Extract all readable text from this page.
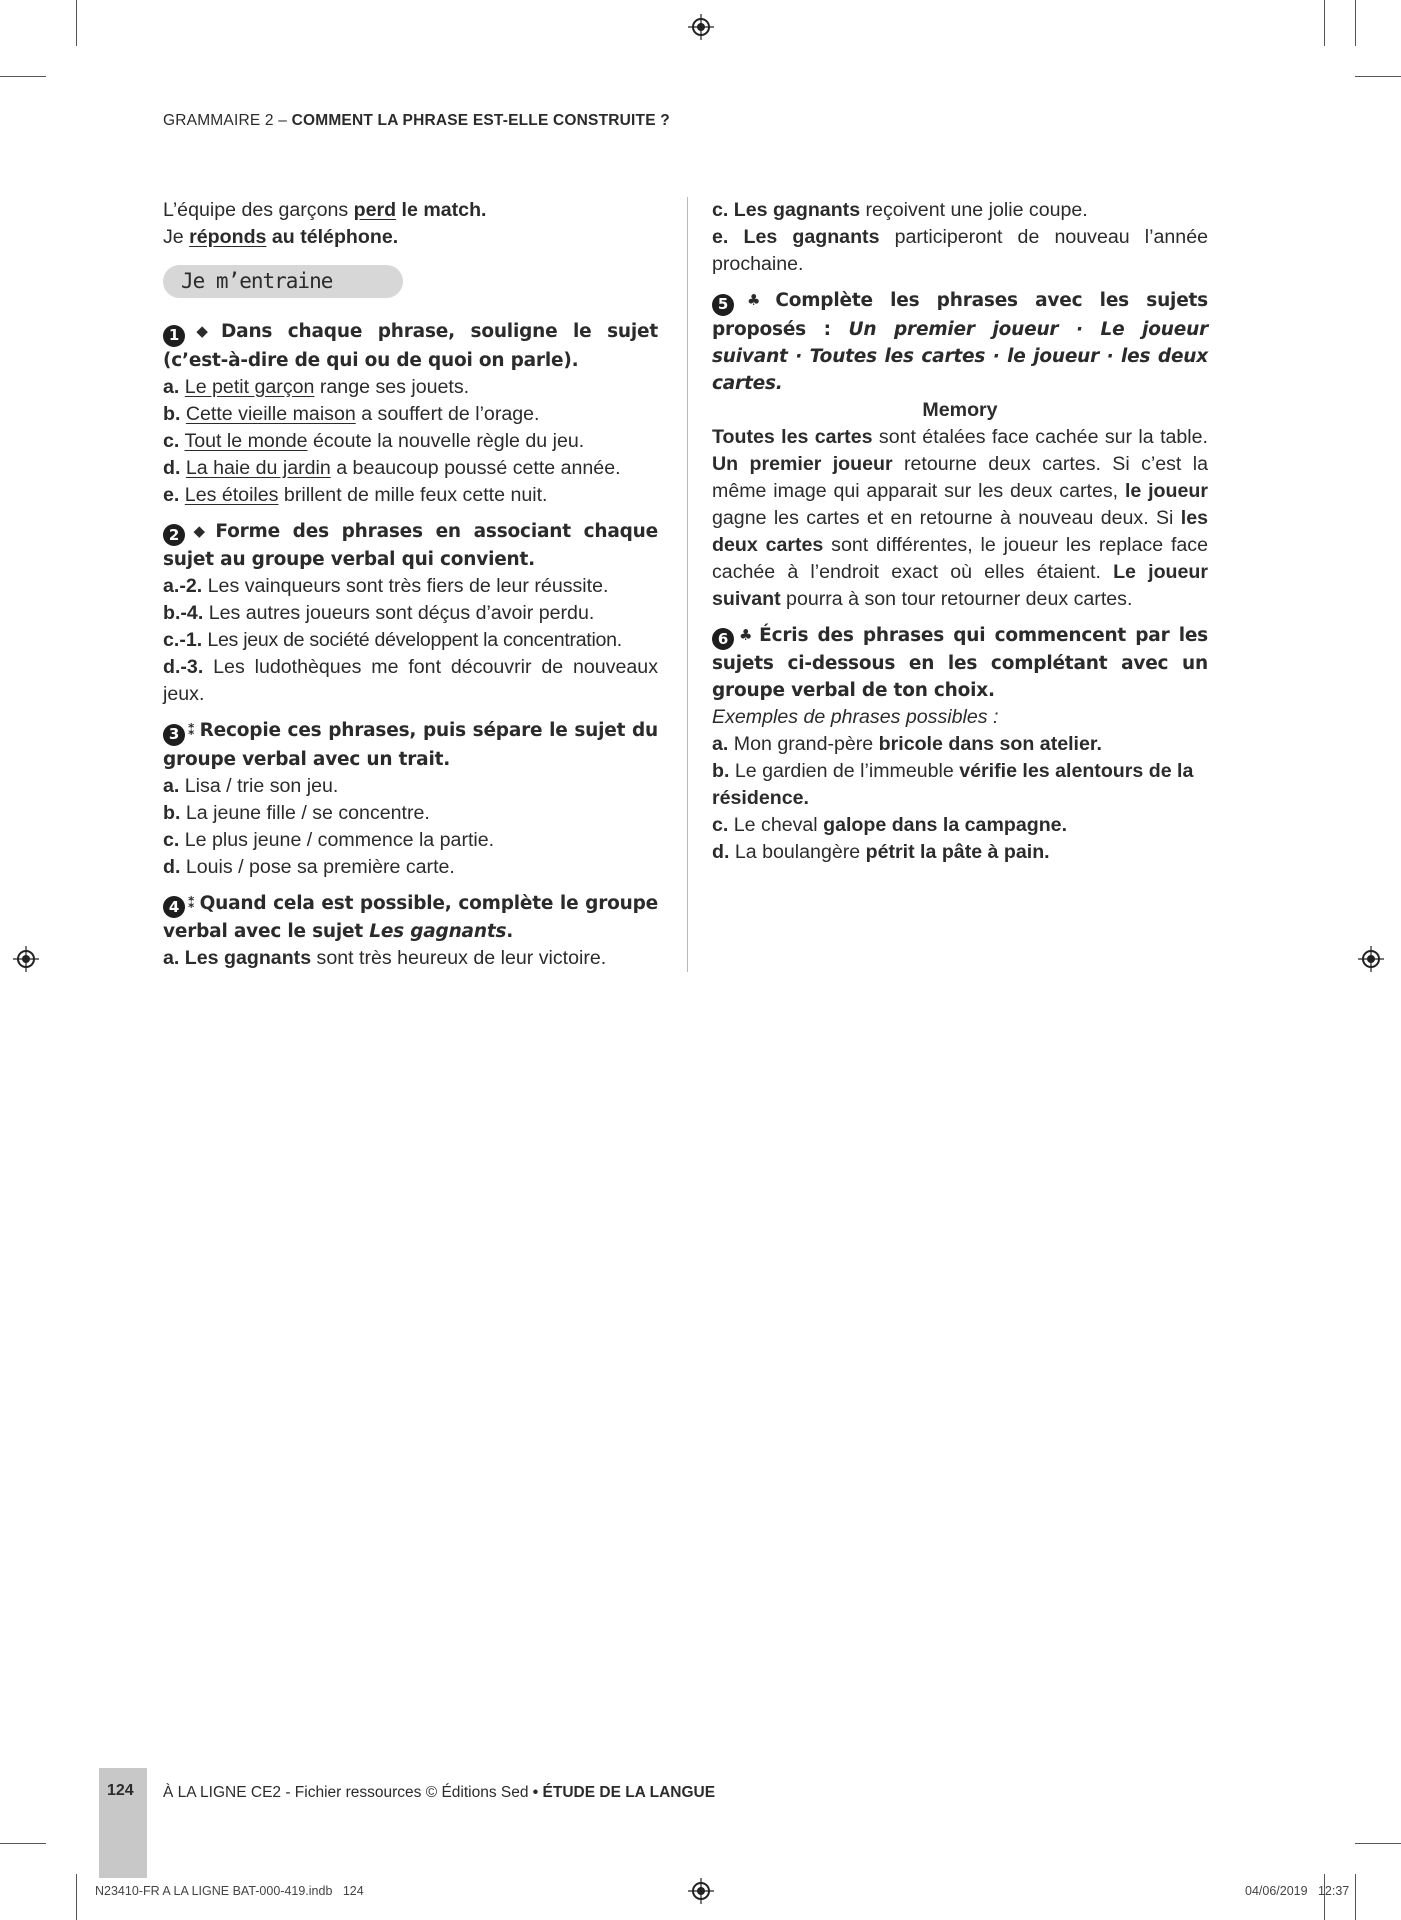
GRAMMAIRE 2 – COMMENT LA PHRASE EST-ELLE CONSTRUITE ?

L’équipe des garçons perd le match.

Je réponds au téléphone.

Je m’entraine

1 ◆ Dans chaque phrase, souligne le sujet (c’est-à-dire de qui ou de quoi on parle).

a. Le petit garçon range ses jouets.

b. Cette vieille maison a souffert de l’orage.

c. Tout le monde écoute la nouvelle règle du jeu.

d. La haie du jardin a beaucoup poussé cette année.

e. Les étoiles brillent de mille feux cette nuit.

2 ◆ Forme des phrases en associant chaque sujet au groupe verbal qui convient.

a.-2. Les vainqueurs sont très fiers de leur réussite.

b.-4. Les autres joueurs sont déçus d’avoir perdu.

c.-1. Les jeux de société développent la concentration.

d.-3. Les ludothèques me font découvrir de nouveaux jeux.

3 ⁑ Recopie ces phrases, puis sépare le sujet du groupe verbal avec un trait.

a. Lisa / trie son jeu.

b. La jeune fille / se concentre.

c. Le plus jeune / commence la partie.

d. Louis / pose sa première carte.

4 ⁑ Quand cela est possible, complète le groupe verbal avec le sujet Les gagnants.

a. Les gagnants sont très heureux de leur victoire.

c. Les gagnants reçoivent une jolie coupe.

e. Les gagnants participeront de nouveau l’année prochaine.

5 ♣ Complète les phrases avec les sujets proposés : Un premier joueur · Le joueur suivant · Toutes les cartes · le joueur · les deux cartes.

Memory

Toutes les cartes sont étalées face cachée sur la table. Un premier joueur retourne deux cartes. Si c’est la même image qui apparait sur les deux cartes, le joueur gagne les cartes et en retourne à nouveau deux. Si les deux cartes sont différentes, le joueur les replace face cachée à l’endroit exact où elles étaient. Le joueur suivant pourra à son tour retourner deux cartes.

6 ♣ Écris des phrases qui commencent par les sujets ci-dessous en les complétant avec un groupe verbal de ton choix.

Exemples de phrases possibles :

a. Mon grand-père bricole dans son atelier.

b. Le gardien de l’immeuble vérifie les alentours de la résidence.

c. Le cheval galope dans la campagne.

d. La boulangère pétrit la pâte à pain.

124 À LA LIGNE CE2 - Fichier ressources © Éditions Sed • ÉTUDE DE LA LANGUE
N23410-FR A LA LIGNE BAT-000-419.indb   124	04/06/2019   12:37
